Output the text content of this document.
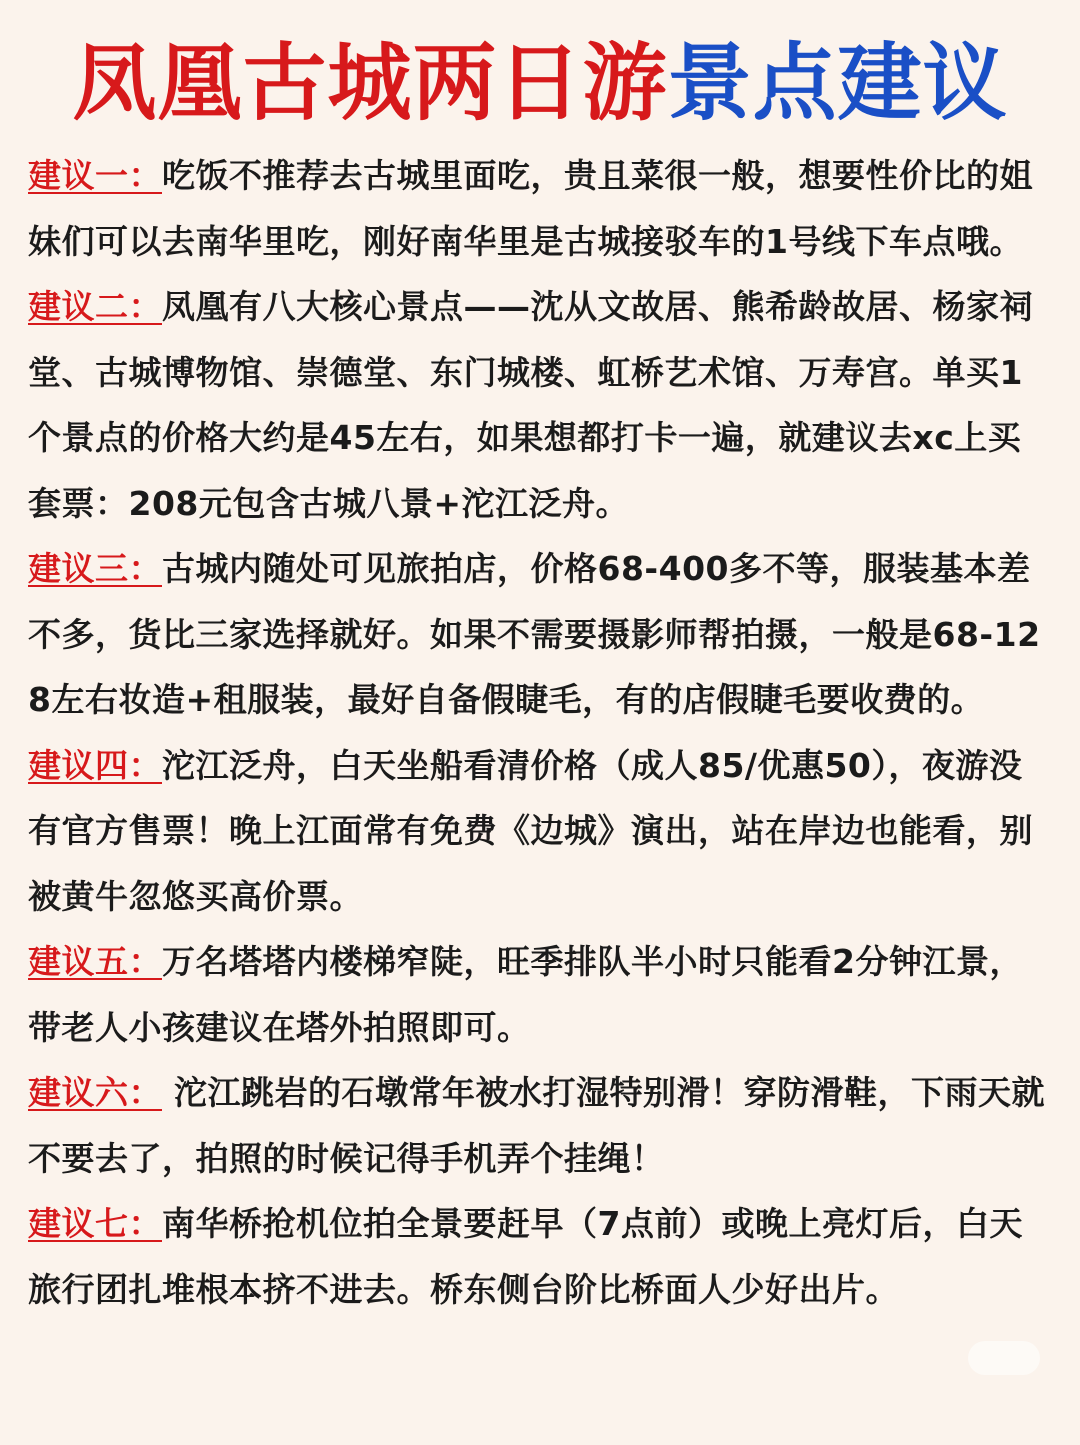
凤凰古城两日游景点建议

建议一：吃饭不推荐去古城里面吃，贵且菜很一般，想要性价比的姐妹们可以去南华里吃，刚好南华里是古城接驳车的1号线下车点哦。

建议二：凤凰有八大核心景点——沈从文故居、熊希龄故居、杨家祠堂、古城博物馆、崇德堂、东门城楼、虹桥艺术馆、万寿宫。单买1个景点的价格大约是45左右，如果想都打卡一遍，就建议去xc上买套票：208元包含古城八景+沱江泛舟。

建议三：古城内随处可见旅拍店，价格68-400多不等，服装基本差不多，货比三家选择就好。如果不需要摄影师帮拍摄，一般是68-128左右妆造+租服装，最好自备假睫毛，有的店假睫毛要收费的。

建议四：沱江泛舟，白天坐船看清价格（成人85/优惠50），夜游没有官方售票！晚上江面常有免费《边城》演出，站在岸边也能看，别被黄牛忽悠买高价票。

建议五：万名塔塔内楼梯窄陡，旺季排队半小时只能看2分钟江景，带老人小孩建议在塔外拍照即可。

建议六： 沱江跳岩的石墩常年被水打湿特别滑！穿防滑鞋，下雨天就不要去了，拍照的时候记得手机弄个挂绳！

建议七：南华桥抢机位拍全景要赶早（7点前）或晚上亮灯后，白天旅行团扎堆根本挤不进去。桥东侧台阶比桥面人少好出片。
